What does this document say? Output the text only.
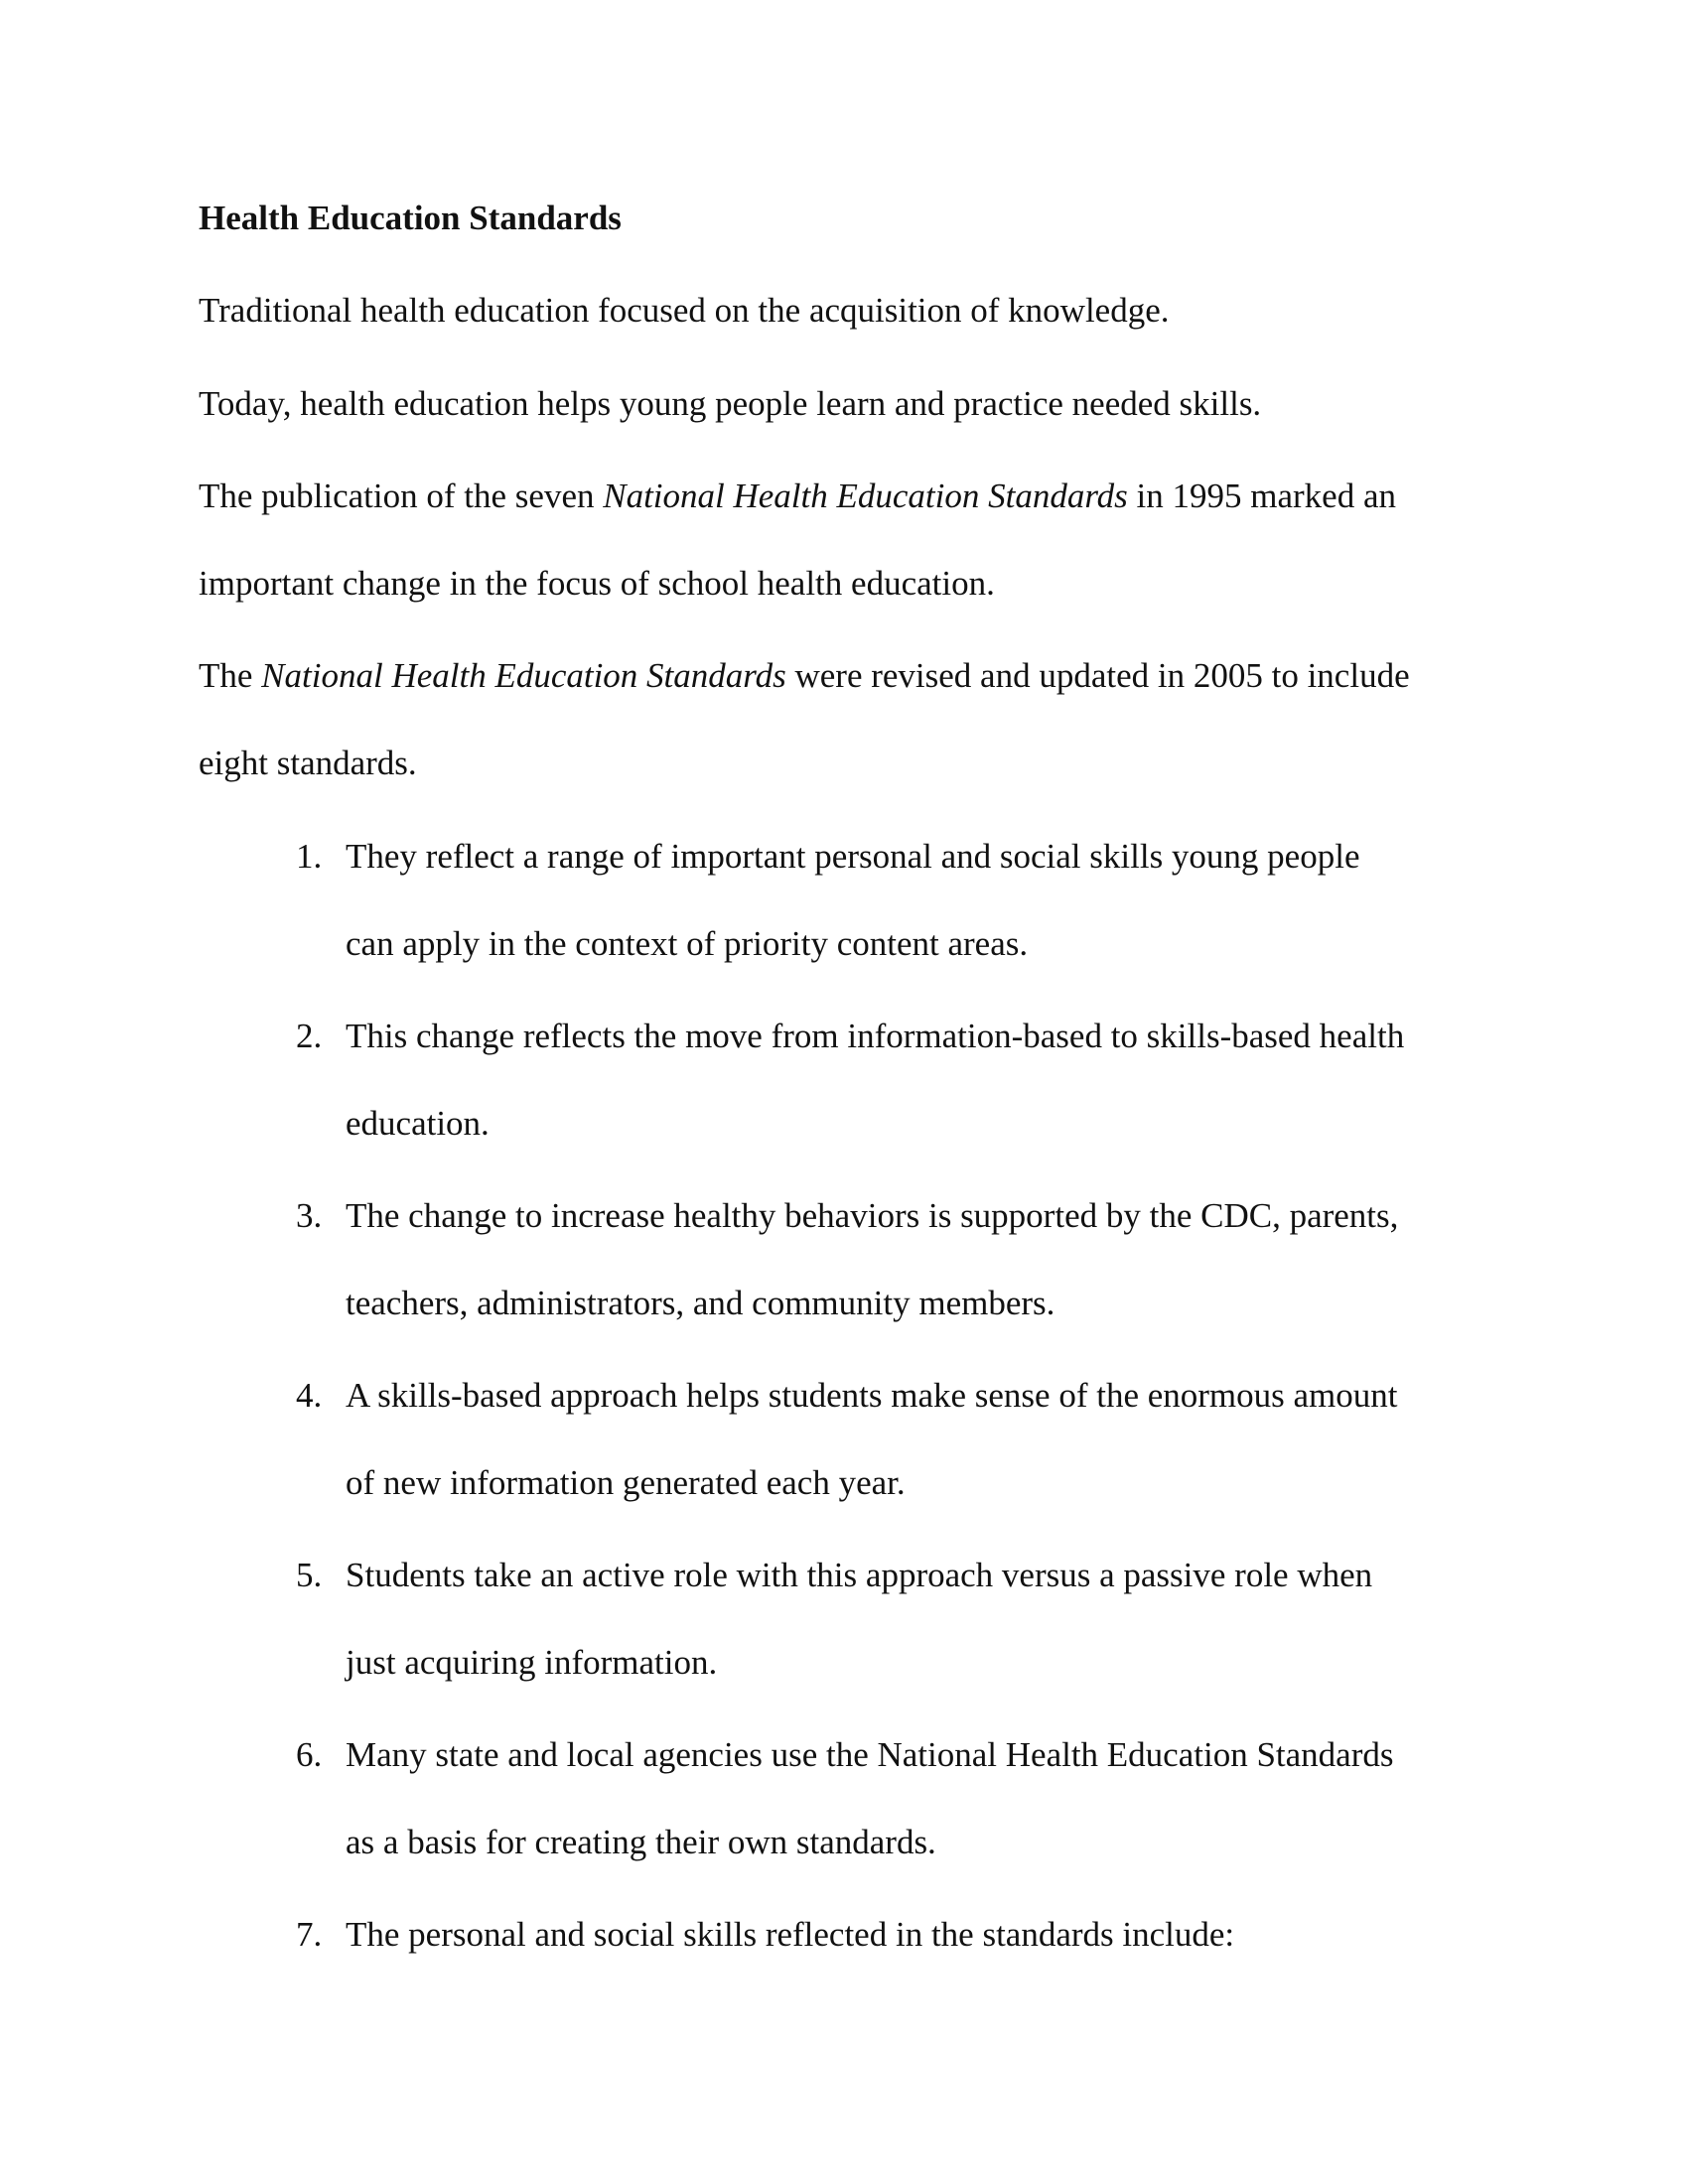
Health Education Standards
Traditional health education focused on the acquisition of knowledge.
Today, health education helps young people learn and practice needed skills.
The publication of the seven National Health Education Standards in 1995 marked an
important change in the focus of school health education.
The National Health Education Standards were revised and updated in 2005 to include
eight standards.
1. They reflect a range of important personal and social skills young people
can apply in the context of priority content areas.
2. This change reflects the move from information-based to skills-based health
education.
3. The change to increase healthy behaviors is supported by the CDC, parents,
teachers, administrators, and community members.
4. A skills-based approach helps students make sense of the enormous amount
of new information generated each year.
5. Students take an active role with this approach versus a passive role when
just acquiring information.
6. Many state and local agencies use the National Health Education Standards
as a basis for creating their own standards.
7. The personal and social skills reflected in the standards include:
